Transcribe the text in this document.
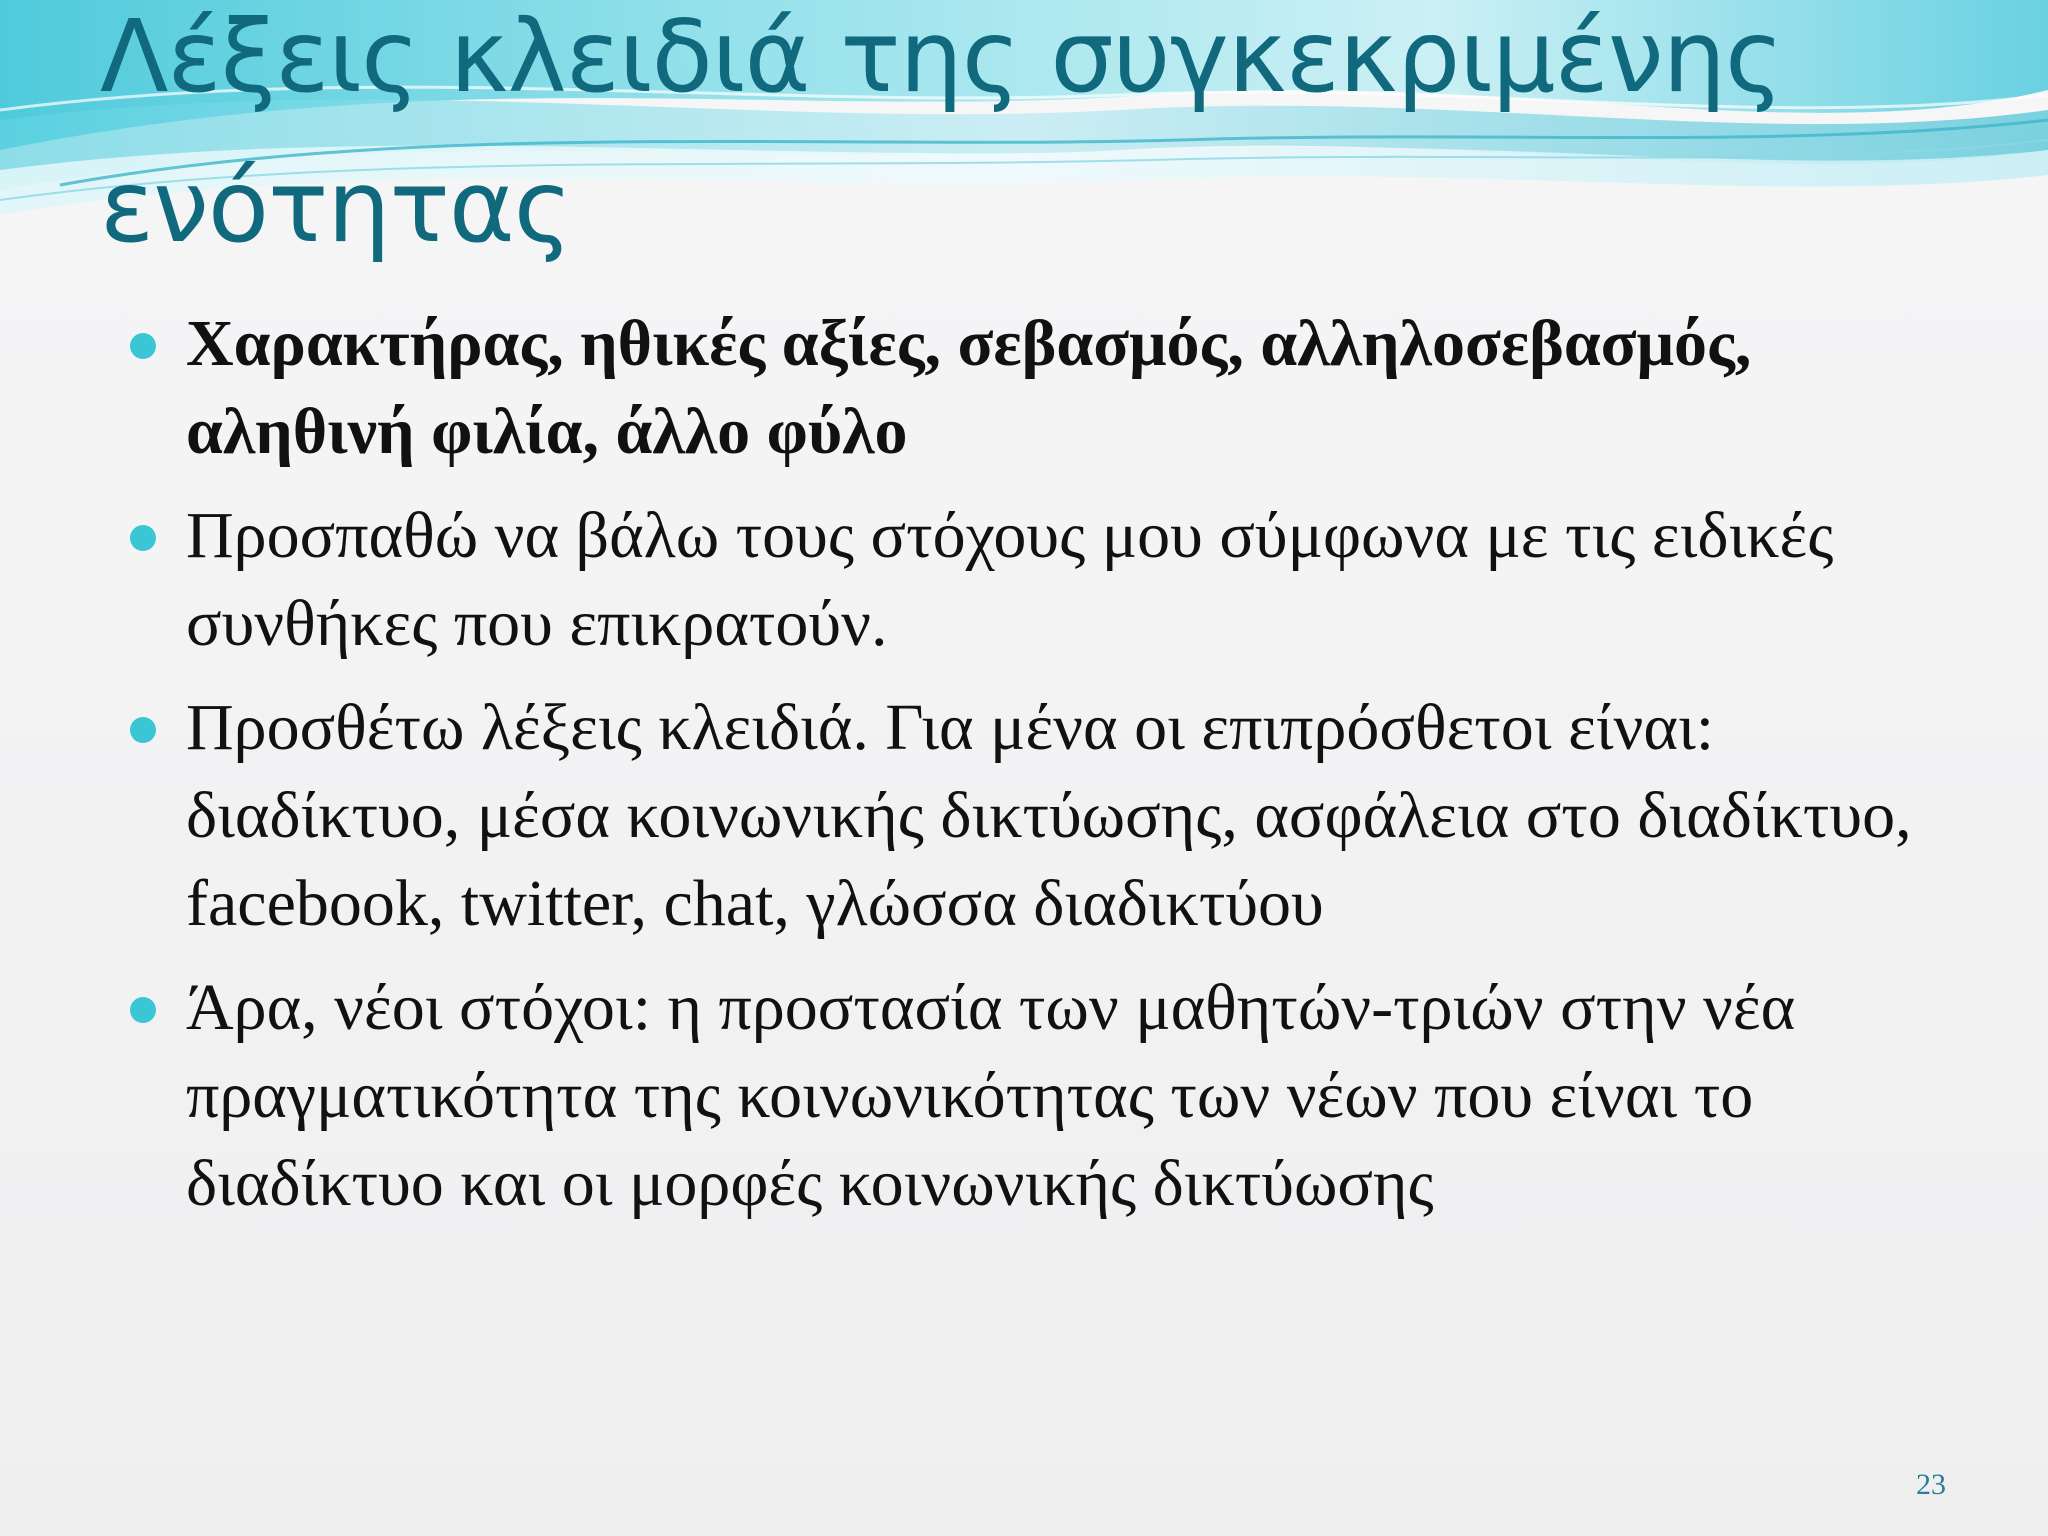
Λέξεις κλειδιά της συγκεκριμένης
ενότητας
Χαρακτήρας, ηθικές αξίες, σεβασμός, αλληλοσεβασμός, αληθινή φιλία, άλλο φύλο
Προσπαθώ να βάλω τους στόχους μου σύμφωνα με τις ειδικές συνθήκες που επικρατούν.
Προσθέτω λέξεις κλειδιά. Για μένα οι επιπρόσθετοι είναι: διαδίκτυο, μέσα κοινωνικής δικτύωσης, ασφάλεια στο διαδίκτυο, facebook, twitter, chat, γλώσσα διαδικτύου
Άρα, νέοι στόχοι: η προστασία των μαθητών-τριών στην νέα πραγματικότητα της κοινωνικότητας των νέων που είναι το διαδίκτυο και οι μορφές κοινωνικής δικτύωσης
23
